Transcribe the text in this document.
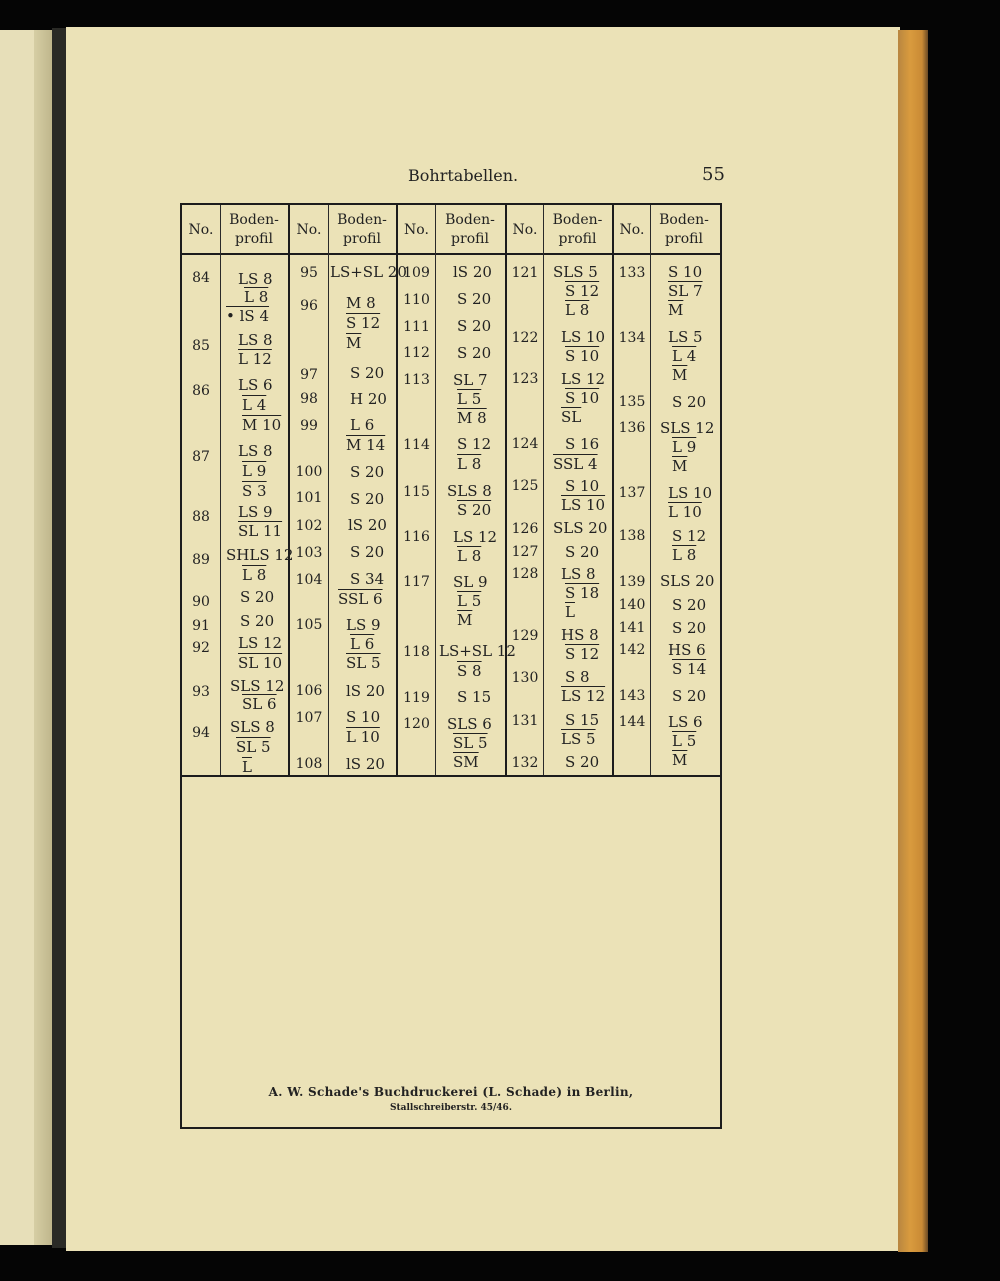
Bohrtabellen.	55
No.
Boden-
profil
84
85
86
87
88
89
90
91
92
93
94
LS 8
L 8
• lS 4
LS 8
L 12
LS 6
L 4
M 10
LS 8
L 9
S 3
LS 9
SL 11
SHLS 12
L 8
S 20
S 20
LS 12
SL 10
SLS 12
SL 6
SLS 8
SL 5
$\overline{L}$
No.
Boden-
profil
95
96
97
98
99
100
101
102
103
104
105
106
107
108
LS+SL 20
M 8
S 12
$\overline{M}$
S 20
H 20
L 6
M 14
S 20
S 20
lS 20
S 20
S 34
SSL 6
LS 9
L 6
SL 5
lS 20
S 10
L 10
lS 20
No.
Boden-
profil
109
110
111
112
113
114
115
116
117
118
119
120
lS 20
S 20
S 20
S 20
SL 7
L 5
M 8
S 12
L 8
SLS 8
S 20
LS 12
L 8
SL 9
L 5
$\overline{M}$
LS+SL 12
S 8
S 15
SLS 6
SL 5
$\overline{SM}$
No.
Boden-
profil
121
122
123
124
125
126
127
128
129
130
131
132
SLS 5
S 12
L 8
LS 10
S 10
LS 12
S 10
$\overline{SL}$
S 16
SSL 4
S 10
LS 10
SLS 20
S 20
LS 8
S 18
$\overline{L}$
HS 8
S 12
S 8
LS 12
S 15
LS 5
S 20
No.
Boden-
profil
133
134
135
136
137
138
139
140
141
142
143
144
S 10
SL 7
$\overline{M}$
LS 5
L 4
$\overline{M}$
S 20
SLS 12
L 9
$\overline{M}$
LS 10
L 10
S 12
L 8
SLS 20
S 20
S 20
HS 6
S 14
S 20
LS 6
L 5
$\overline{M}$
A. W. Schade's Buchdruckerei (L. Schade) in Berlin,
Stallschreiberstr. 45/46.
